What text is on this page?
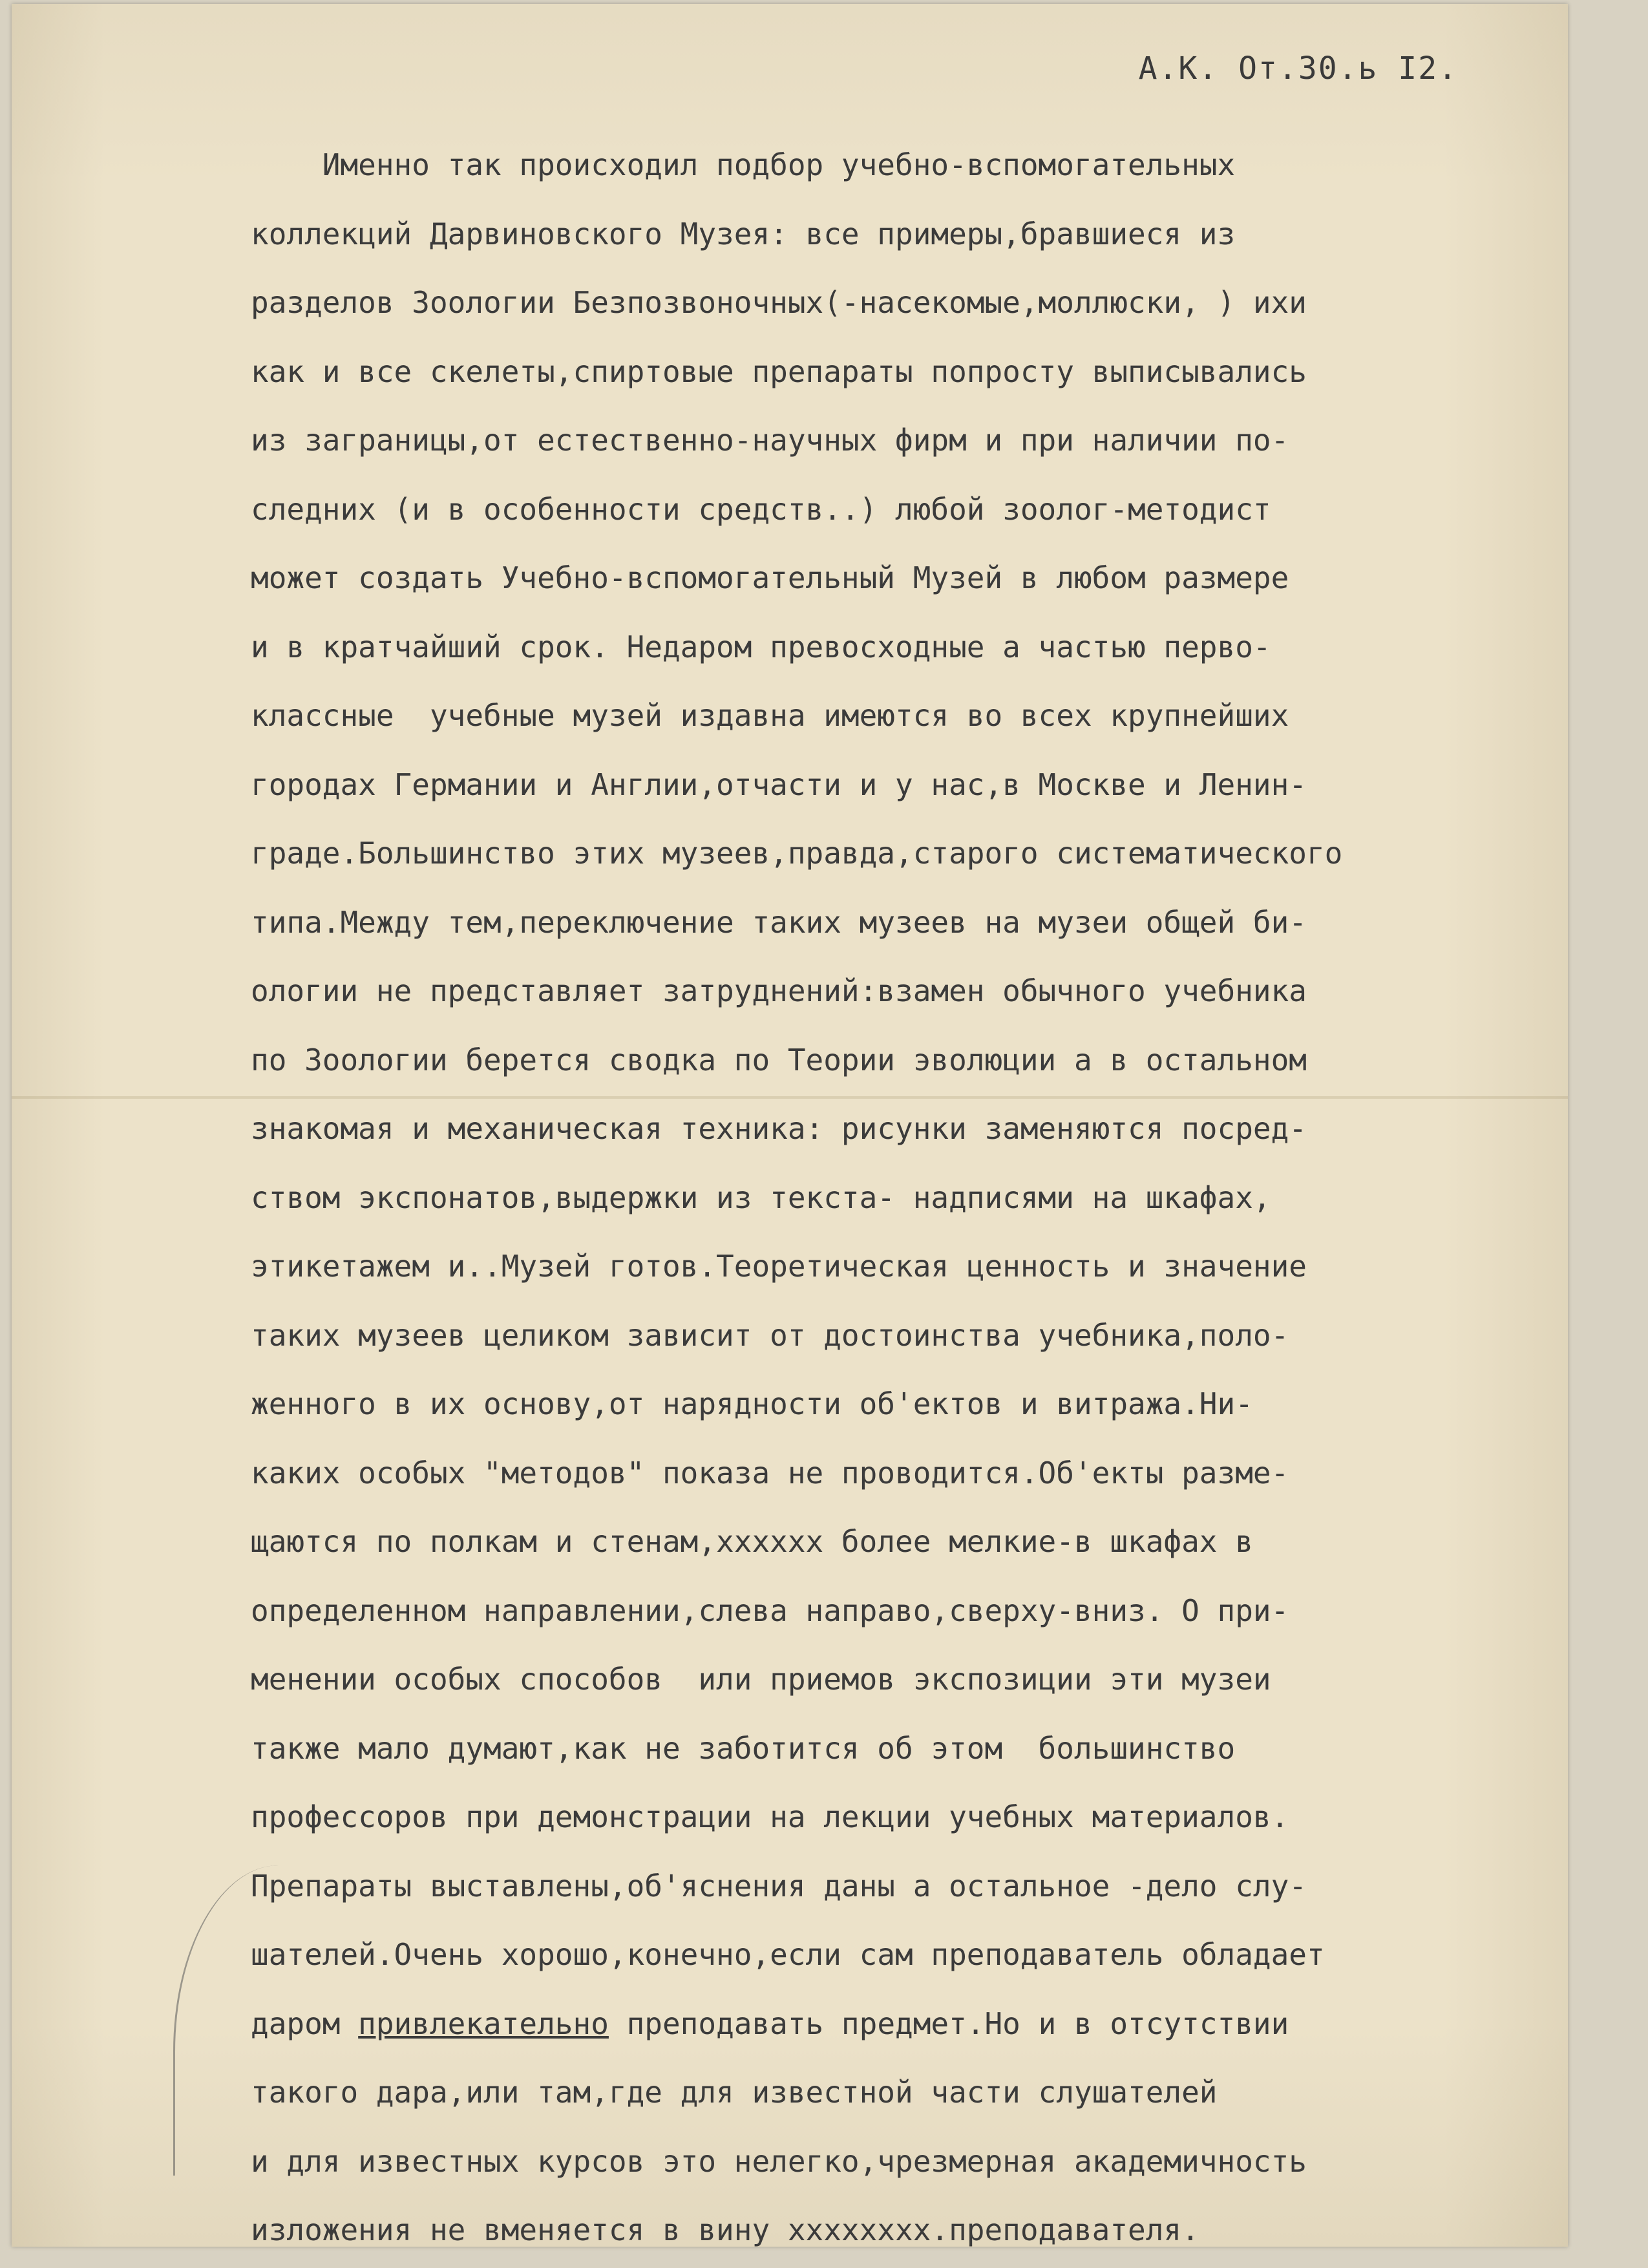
А.К. От.30.ь I2.
Именно так происходил подбор учебно-вспомогательных
коллекций Дарвиновского Музея: все примеры,бравшиеся из
разделов Зоологии Безпозвоночных(-насекомые,моллюски, ) ихи
как и все скелеты,спиртовые препараты попросту выписывались
из заграницы,от естественно-научных фирм и при наличии по-
следних (и в особенности средств..) любой зоолог-методист
может создать Учебно-вспомогательный Музей в любом размере
и в кратчайший срок. Недаром превосходные а частью перво-
классные  учебные музей издавна имеются во всех крупнейших
городах Германии и Англии,отчасти и у нас,в Москве и Ленин-
граде.Большинство этих музеев,правда,старого систематического
типа.Между тем,переключение таких музеев на музеи общей би-
ологии не представляет затруднений:взамен обычного учебника
по Зоологии берется сводка по Теории эволюции а в остальном
знакомая и механическая техника: рисунки заменяются посред-
ством экспонатов,выдержки из текста- надписями на шкафах,
этикетажем и..Музей готов.Теоретическая ценность и значение
таких музеев целиком зависит от достоинства учебника,поло-
женного в их основу,от нарядности об'ектов и витража.Ни-
каких особых "методов" показа не проводится.Об'екты разме-
щаются по полкам и стенам,хххххх более мелкие-в шкафах в
определенном направлении,слева направо,сверху-вниз. О при-
менении особых способов  или приемов экспозиции эти музеи
также мало думают,как не заботится об этом  большинство
профессоров при демонстрации на лекции учебных материалов.
Препараты выставлены,об'яснения даны а остальное -дело слу-
шателей.Очень хорошо,конечно,если сам преподаватель обладает
даром привлекательно преподавать предмет.Но и в отсутствии
такого дара,или там,где для известной части слушателей
и для известных курсов это нелегко,чрезмерная академичность
изложения не вменяется в вину хххххххх.преподавателя.
